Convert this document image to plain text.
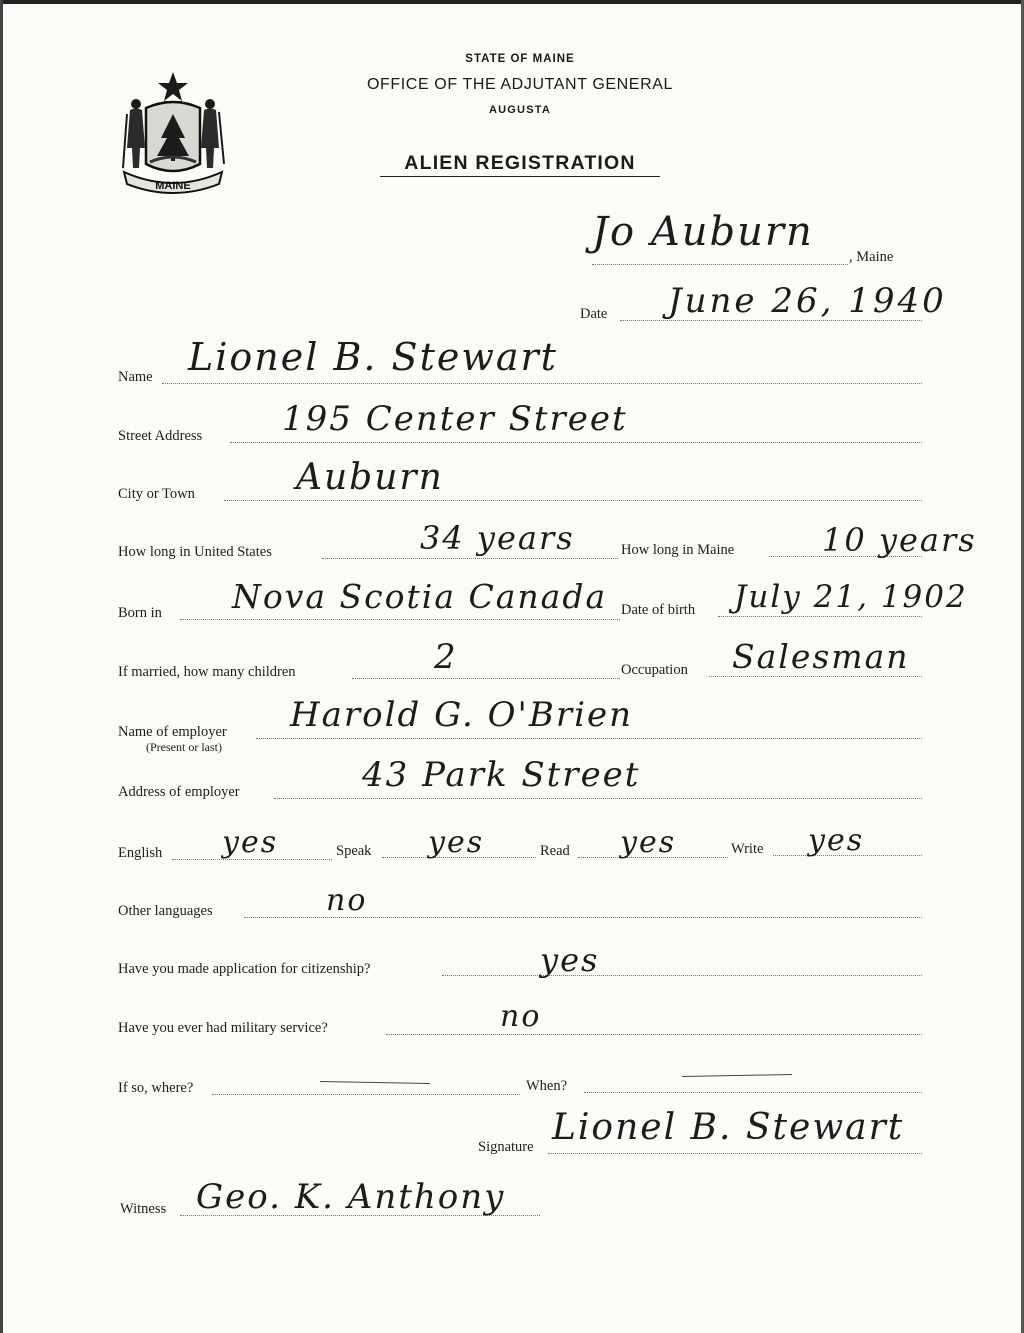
MAINE
STATE OF MAINE
OFFICE OF THE ADJUTANT GENERAL
AUGUSTA
ALIEN REGISTRATION
Jo Auburn
, Maine
Date June 26, 1940
Name Lionel B. Stewart
Street Address 195 Center Street
City or Town	Auburn
How long in United States	34 years	How long in Maine	10 years
Born in Nova Scotia Canada Date of birth July 21, 1902
If married, how many children	2	Occupation Salesman
Name of employer
(Present or last)
Harold G. O'Brien
Address of employer	43 Park Street
English yes	Speak yes	Read yes	Write yes
Other languages	no
Have you made application for citizenship?	yes
Have you ever had military service?	no
If so, where?	When?
Signature Lionel B. Stewart
Witness Geo. K. Anthony
